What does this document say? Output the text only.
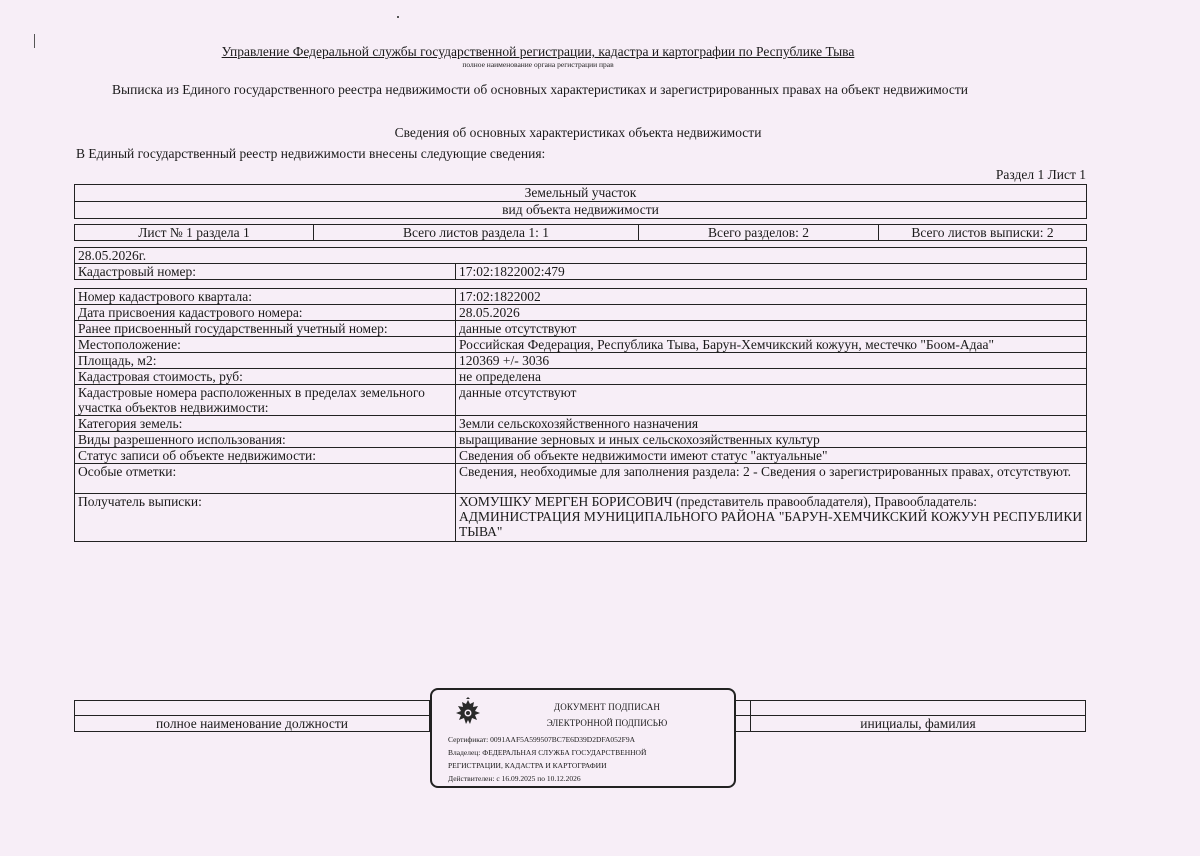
Управление Федеральной службы государственной регистрации, кадастра и картографии по Республике Тыва
полное наименование органа регистрации прав
Выписка из Единого государственного реестра недвижимости об основных характеристиках и зарегистрированных правах на объект недвижимости
Сведения об основных характеристиках объекта недвижимости
В Единый государственный реестр недвижимости внесены следующие сведения:
Раздел 1 Лист 1
Земельный участок
вид объекта недвижимости
Лист № 1 раздела 1	Всего листов раздела 1: 1	Всего разделов: 2	Всего листов выписки: 2
28.05.2026г.
Кадастровый номер:	17:02:1822002:479
Номер кадастрового квартала:	17:02:1822002
Дата присвоения кадастрового номера:	28.05.2026
Ранее присвоенный государственный учетный номер:	данные отсутствуют
Местоположение:	Российская Федерация, Республика Тыва, Барун-Хемчикский кожуун, местечко "Боом-Адаа"
Площадь, м2:	120369 +/- 3036
Кадастровая стоимость, руб:	не определена
Кадастровые номера расположенных в пределах земельного участка объектов недвижимости:	данные отсутствуют
Категория земель:	Земли сельскохозяйственного назначения
Виды разрешенного использования:	выращивание зерновых и иных сельскохозяйственных культур
Статус записи об объекте недвижимости:	Сведения об объекте недвижимости имеют статус "актуальные"
Особые отметки:	Сведения, необходимые для заполнения раздела: 2 - Сведения о зарегистрированных правах, отсутствуют.
Получатель выписки:	ХОМУШКУ МЕРГЕН БОРИСОВИЧ (представитель правообладателя), Правообладатель: АДМИНИСТРАЦИЯ МУНИЦИПАЛЬНОГО РАЙОНА "БАРУН-ХЕМЧИКСКИЙ КОЖУУН РЕСПУБЛИКИ ТЫВА"

полное наименование должности		инициалы, фамилия
ДОКУМЕНТ ПОДПИСАН
ЭЛЕКТРОННОЙ ПОДПИСЬЮ
Сертификат: 0091AAF5A599507BC7E6D39D2DFA052F9A
Владелец: ФЕДЕРАЛЬНАЯ СЛУЖБА ГОСУДАРСТВЕННОЙ
РЕГИСТРАЦИИ, КАДАСТРА И КАРТОГРАФИИ
Действителен: с 16.09.2025 по 10.12.2026
